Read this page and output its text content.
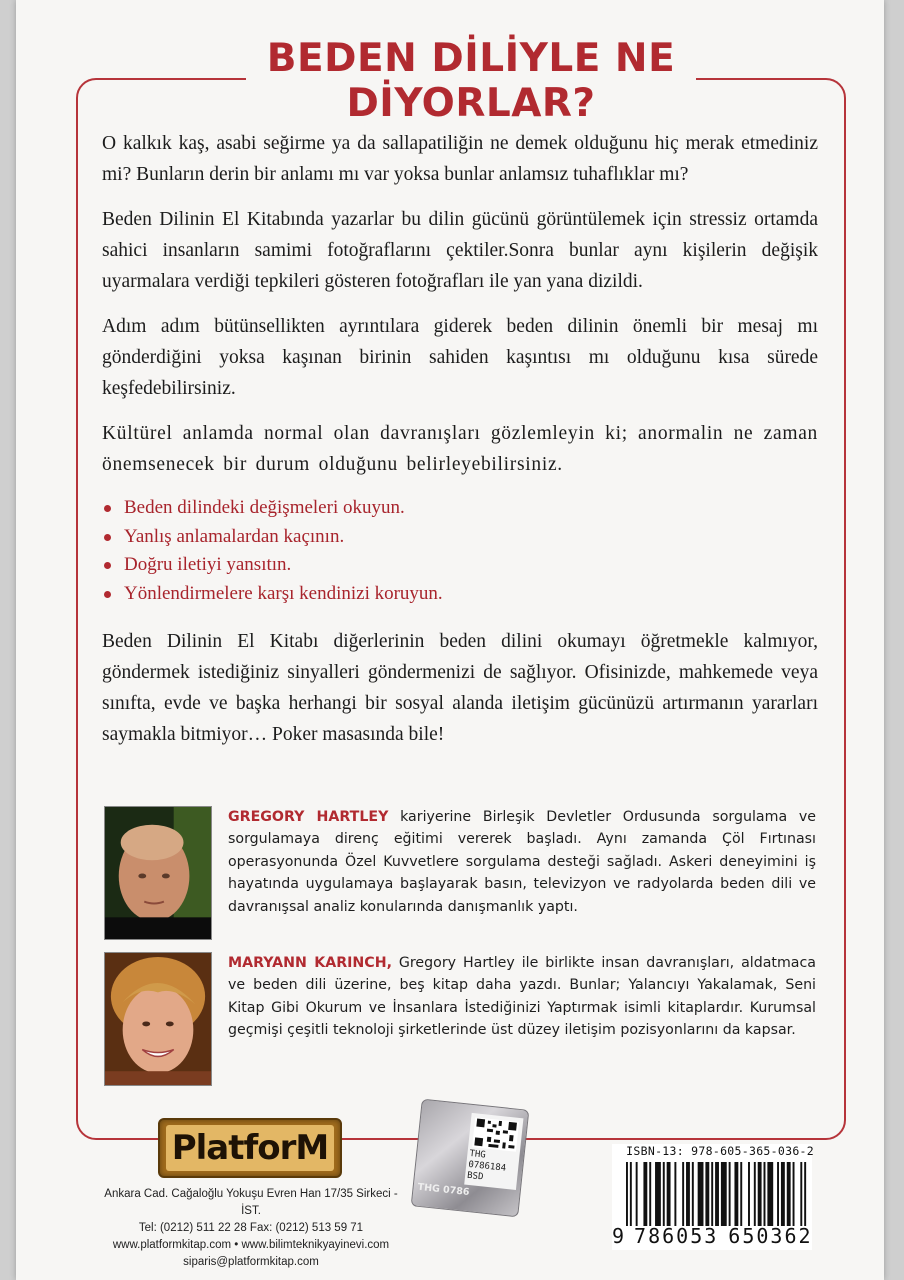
BEDEN DİLİYLE NE
DİYORLAR?

O kalkık kaş, asabi seğirme ya da sallapatiliğin ne demek olduğunu hiç merak etmediniz mi? Bunların derin bir anlamı mı var yoksa bunlar anlamsız tuhaflıklar mı?

Beden Dilinin El Kitabında yazarlar bu dilin gücünü görüntülemek için stressiz ortamda sahici insanların samimi fotoğraflarını çektiler.Sonra bunlar aynı kişilerin değişik uyarmalara verdiği tepkileri gösteren fotoğrafları ile yan yana dizildi.

Adım adım bütünsellikten ayrıntılara giderek beden dilinin önemli bir mesaj mı gönderdiğini yoksa kaşınan birinin sahiden kaşıntısı mı olduğunu kısa sürede keşfedebilirsiniz.

Kültürel anlamda normal olan davranışları gözlemleyin ki; anormalin ne zaman önemsenecek bir durum olduğunu belirleyebilirsiniz.

Beden dilindeki değişmeleri okuyun.
Yanlış anlamalardan kaçının.
Doğru iletiyi yansıtın.
Yönlendirmelere karşı kendinizi koruyun.

Beden Dilinin El Kitabı diğerlerinin beden dilini okumayı öğretmekle kalmıyor, göndermek istediğiniz sinyalleri göndermenizi de sağlıyor. Ofisinizde, mahkemede veya sınıfta, evde ve başka herhangi bir sosyal alanda iletişim gücünüzü artırmanın yararları saymakla bitmiyor… Poker masasında bile!

GREGORY HARTLEY kariyerine Birleşik Devletler Ordusunda sorgulama ve sorgulamaya direnç eğitimi vererek başladı. Aynı zamanda Çöl Fırtınası operasyonunda Özel Kuvvetlere sorgulama desteği sağladı. Askeri deneyimini iş hayatında uygulamaya başlayarak basın, televizyon ve radyolarda beden dili ve davranışsal analiz konularında danışmanlık yaptı.

MARYANN KARINCH, Gregory Hartley ile birlikte insan davranışları, aldatmaca ve beden dili üzerine, beş kitap daha yazdı. Bunlar; Yalancıyı Yakalamak, Seni Kitap Gibi Okurum ve İnsanlara İstediğinizi Yaptırmak isimli kitaplardır. Kurumsal geçmişi çeşitli teknoloji şirketlerinde üst düzey iletişim pozisyonlarını da kapsar.

PlatforM
Ankara Cad. Cağaloğlu Yokuşu Evren Han 17/35 Sirkeci - İST.
Tel: (0212) 511 22 28 Fax: (0212) 513 59 71
www.platformkitap.com • www.bilimteknikyayinevi.com
siparis@platformkitap.com
THG
0786184
BSD
THG 0786
ISBN-13: 978-605-365-036-2
9 786053 650362
